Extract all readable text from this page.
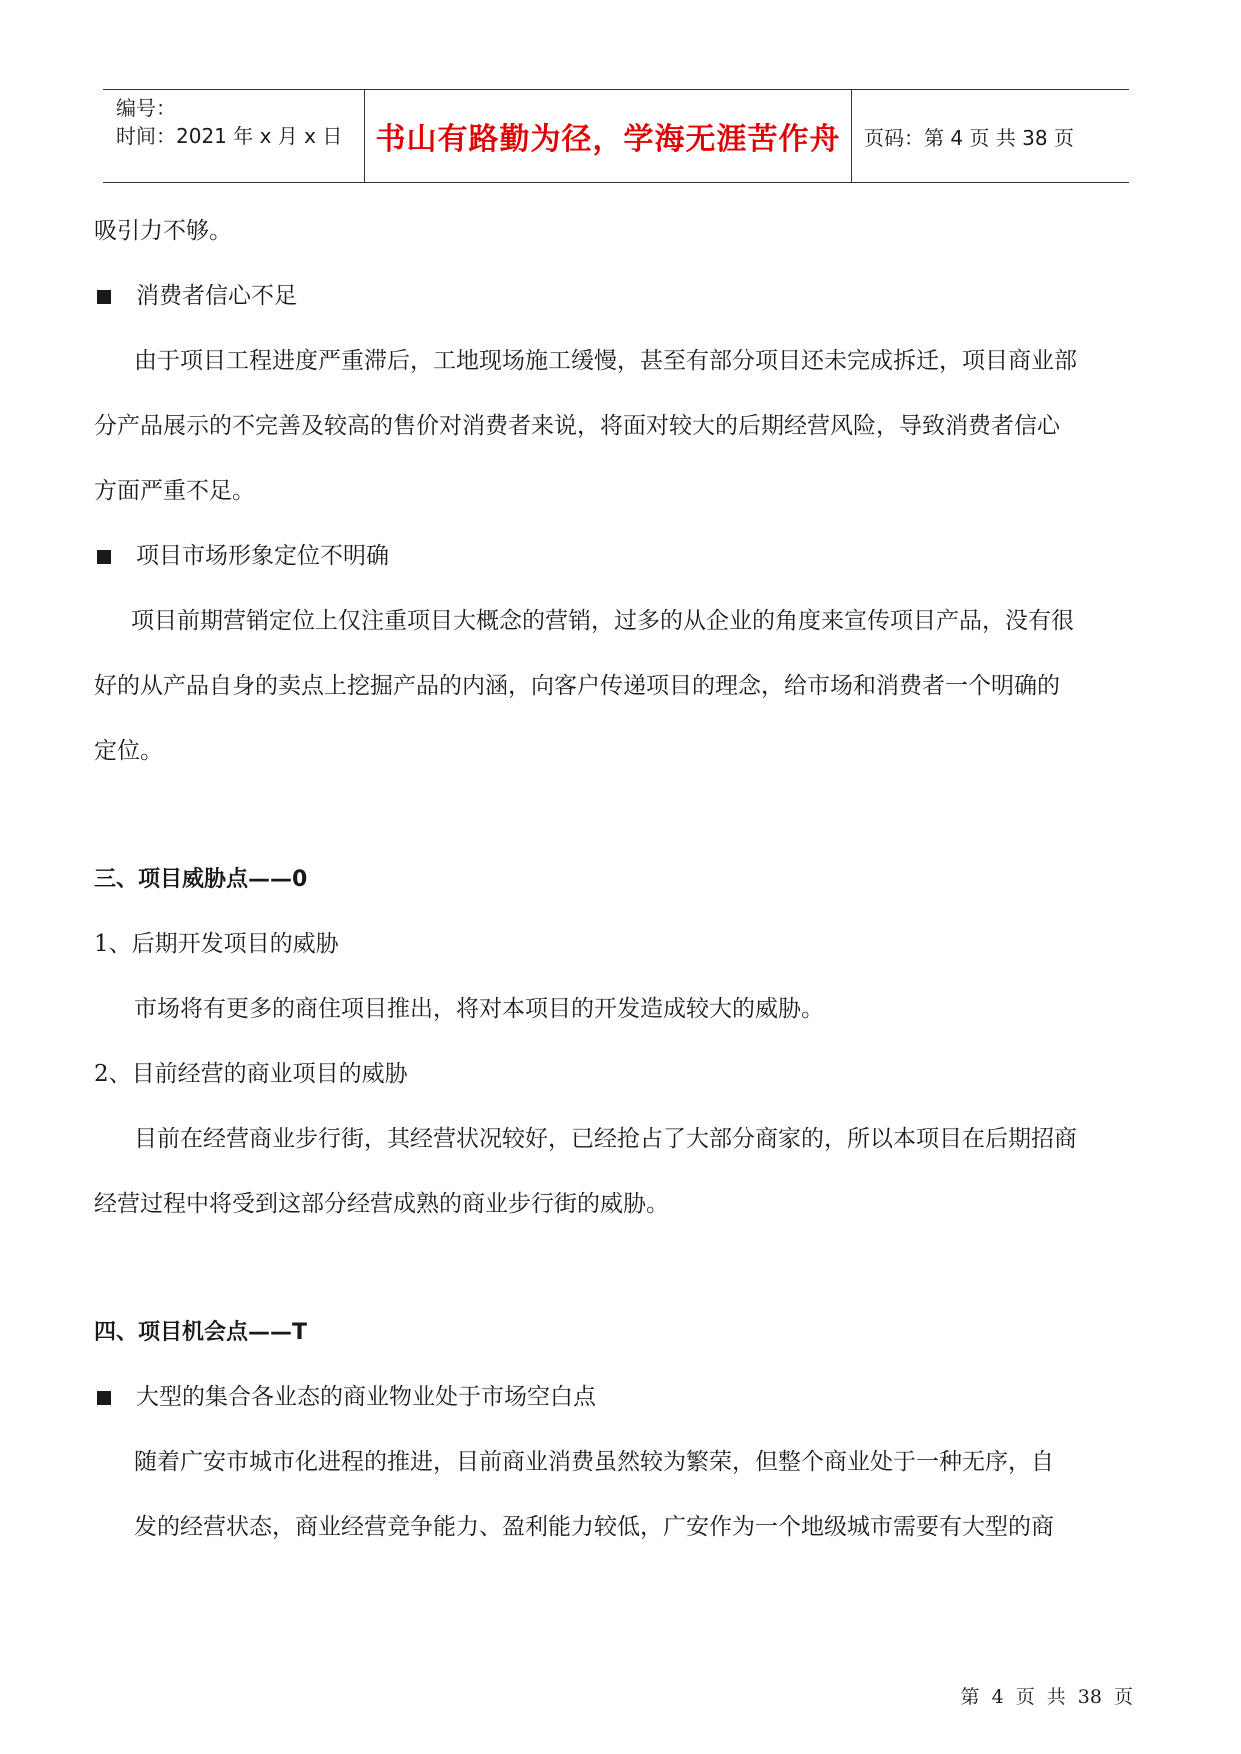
编号：
时间：2021 年 x 月 x 日	书山有路勤为径，学海无涯苦作舟	页码：第 4 页 共 38 页

吸引力不够。

消费者信心不足

由于项目工程进度严重滞后，工地现场施工缓慢，甚至有部分项目还未完成拆迁，项目商业部

分产品展示的不完善及较高的售价对消费者来说，将面对较大的后期经营风险，导致消费者信心

方面严重不足。

项目市场形象定位不明确

项目前期营销定位上仅注重项目大概念的营销，过多的从企业的角度来宣传项目产品，没有很

好的从产品自身的卖点上挖掘产品的内涵，向客户传递项目的理念，给市场和消费者一个明确的

定位。

三、项目威胁点——0

1、后期开发项目的威胁

市场将有更多的商住项目推出，将对本项目的开发造成较大的威胁。

2、目前经营的商业项目的威胁

目前在经营商业步行街，其经营状况较好，已经抢占了大部分商家的，所以本项目在后期招商

经营过程中将受到这部分经营成熟的商业步行街的威胁。

四、项目机会点——T

大型的集合各业态的商业物业处于市场空白点

随着广安市城市化进程的推进，目前商业消费虽然较为繁荣，但整个商业处于一种无序，自

发的经营状态，商业经营竞争能力、盈利能力较低，广安作为一个地级城市需要有大型的商

第 4 页 共 38 页
